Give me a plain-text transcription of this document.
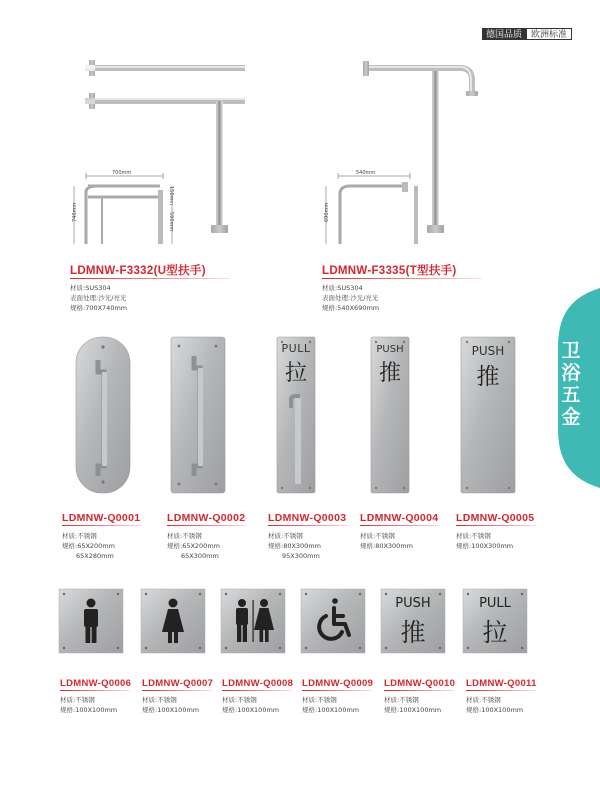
德国品质	欧洲标准
卫浴五金
700mm
150mm
590mm
740mm
LDMNW-F3332(U型扶手)
材质:SUS304
表面处理:沙光/亮光
规格:700X740mm
540mm
690mm
LDMNW-F3335(T型扶手)
材质:SUS304
表面处理:沙光/亮光
规格:540X690mm
PULL
拉
PUSH
推
PUSH
推
LDMNW-Q0001
材质:不锈钢
规格:65X200mm
65X280mm
LDMNW-Q0002
材质:不锈钢
规格:65X200mm
65X300mm
LDMNW-Q0003
材质:不锈钢
规格:80X300mm
95X300mm
LDMNW-Q0004
材质:不锈钢
规格:80X300mm
LDMNW-Q0005
材质:不锈钢
规格:100X300mm
PUSH
推
PULL
拉
LDMNW-Q0006
材质:不锈钢
规格:100X100mm
LDMNW-Q0007
材质:不锈钢
规格:100X100mm
LDMNW-Q0008
材质:不锈钢
规格:100X100mm
LDMNW-Q0009
材质:不锈钢
规格:100X100mm
LDMNW-Q0010
材质:不锈钢
规格:100X100mm
LDMNW-Q0011
材质:不锈钢
规格:100X100mm
